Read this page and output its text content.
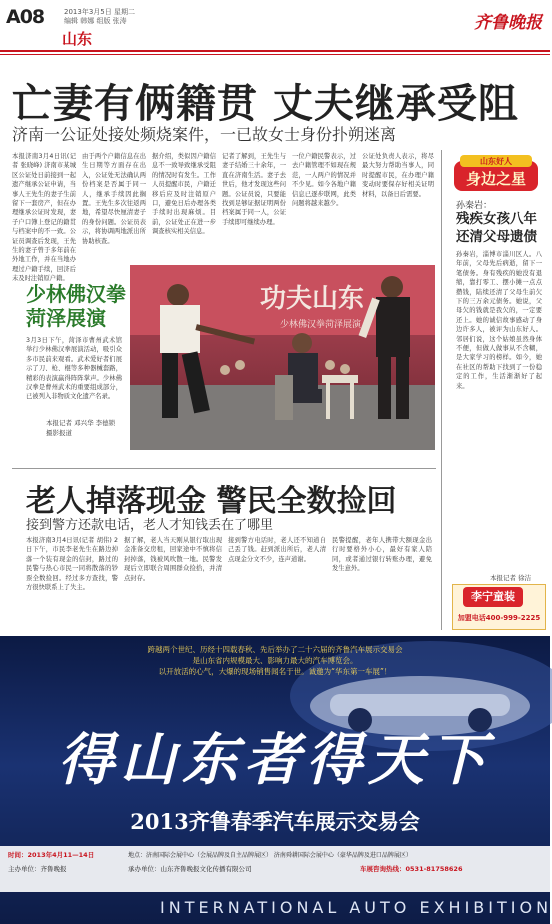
A08	2013年3月5日 星期二
编辑 韩娜 组版 张涛
山东
齐鲁晚报
亡妻有俩籍贯 丈夫继承受阻
济南一公证处接处频烧案件，一已故女士身份扑朔迷离
本报济南3月4日讯(记者 张晓峰) 济南市某城区公证处日前接到一起遗产继承公证申请，当事人王先生的妻子生前留下一套房产，但在办理继承公证时发现，妻子户口簿上登记的籍贯与档案中的不一致。公证员调查后发现，王先生的妻子曾于多年前在外地工作，并在当地办理过户籍手续，回济后未及时注销原户籍。
由于两个户籍信息在出生日期等方面存在出入，公证处无法确认两份档案是否属于同一人，继承手续因此搁置。王先生多次往返两地，希望尽快厘清妻子的身份问题。公证员表示，将协调两地派出所协助核查。
据介绍，类似因户籍信息不一致导致继承受阻的情况时有发生。工作人员提醒市民，户籍迁移后应及时注销原户口，避免日后办理各类手续时出现麻烦。目前，公证处正在进一步调查核实相关信息。
记者了解到，王先生与妻子结婚三十余年，一直在济南生活。妻子去世后，他才发现这些问题。公证员说，只要能找到足够证据证明两份档案属于同一人，公证手续即可继续办理。
一位户籍民警表示，过去户籍管理不如现在规范，一人两户的情况并不少见。如今各地户籍信息已逐步联网，此类问题将越来越少。
公证处负责人表示，将尽最大努力帮助当事人，同时提醒市民，在办理户籍变动时要保存好相关证明材料，以备日后需要。
少林佛汉拳
菏泽展演
3月3日下午，菏泽市曹州武术馆举行少林佛汉拳展演活动，吸引众多市民前来观看。武术爱好者们展示了刀、枪、棍等多种器械套路，精彩的表演赢得阵阵掌声。少林佛汉拳是曹州武术的重要组成部分，已被列入非物质文化遗产名录。
本报记者 邓兴华 李德锁
摄影报道
功夫山东
少林佛汉拳菏泽展演
老人掉落现金 警民全数捡回
接到警方还款电话，老人才知钱丢在了哪里
本报济南3月4日讯(记者 胡伟) 2日下午，市民李老先生在路边掉落一个装有现金的信封，路过的民警与热心市民一同将散落的钞票全数捡回。经过多方查找，警方很快联系上了失主。
据了解，老人当天刚从银行取出现金准备交房租，回家途中不慎将信封掉落，钱被风吹散一地。民警发现后立即联合周围群众捡拾，并清点封存。
接到警方电话时，老人还不知道自己丢了钱。赶到派出所后，老人清点现金分文不少，连声道谢。
民警提醒，老年人携带大额现金出行时要格外小心，最好有家人陪同，或者通过银行转账办理，避免发生意外。
山东好人
身边之星
孙秦岩：
残疾女孩八年
还清父母遗债
孙秦岩，淄博市淄川区人。八年前，父母先后病逝，留下一笔债务。身有残疾的她没有退缩，靠打零工、摆小摊一点点攒钱，陆续还清了父母生前欠下的三万余元债务。她说，父母欠的钱就是我欠的，一定要还上。她的诚信故事感动了身边许多人，被评为山东好人。邻居们说，这个姑娘虽然身体不便，但做人做事从不含糊，是大家学习的榜样。如今，她在社区的帮助下找到了一份稳定的工作，生活渐渐好了起来。
本报记者 徐洁
李宁童装
加盟电话400-999-2225
跨越两个世纪、历经十四载春秋、先后举办了二十六届的齐鲁汽车展示交易会
是山东省内规模最大、影响力最大的汽车博览会。
以开放活的心气，大爆的现场销售闻名于世。诚邀为“华东第一车展”！
得山东者得天下
2013齐鲁春季汽车展示交易会
时间：2013年4月11—14日	地点：济南国际会展中心（会展品牌及自主品牌展区） 济南舜耕国际会展中心（豪华品牌及进口品牌展区）
主办单位：齐鲁晚报	承办单位：山东齐鲁晚报文化传播有限公司	车展咨询热线：0531-81758626
INTERNATIONAL AUTO EXHIBITION
